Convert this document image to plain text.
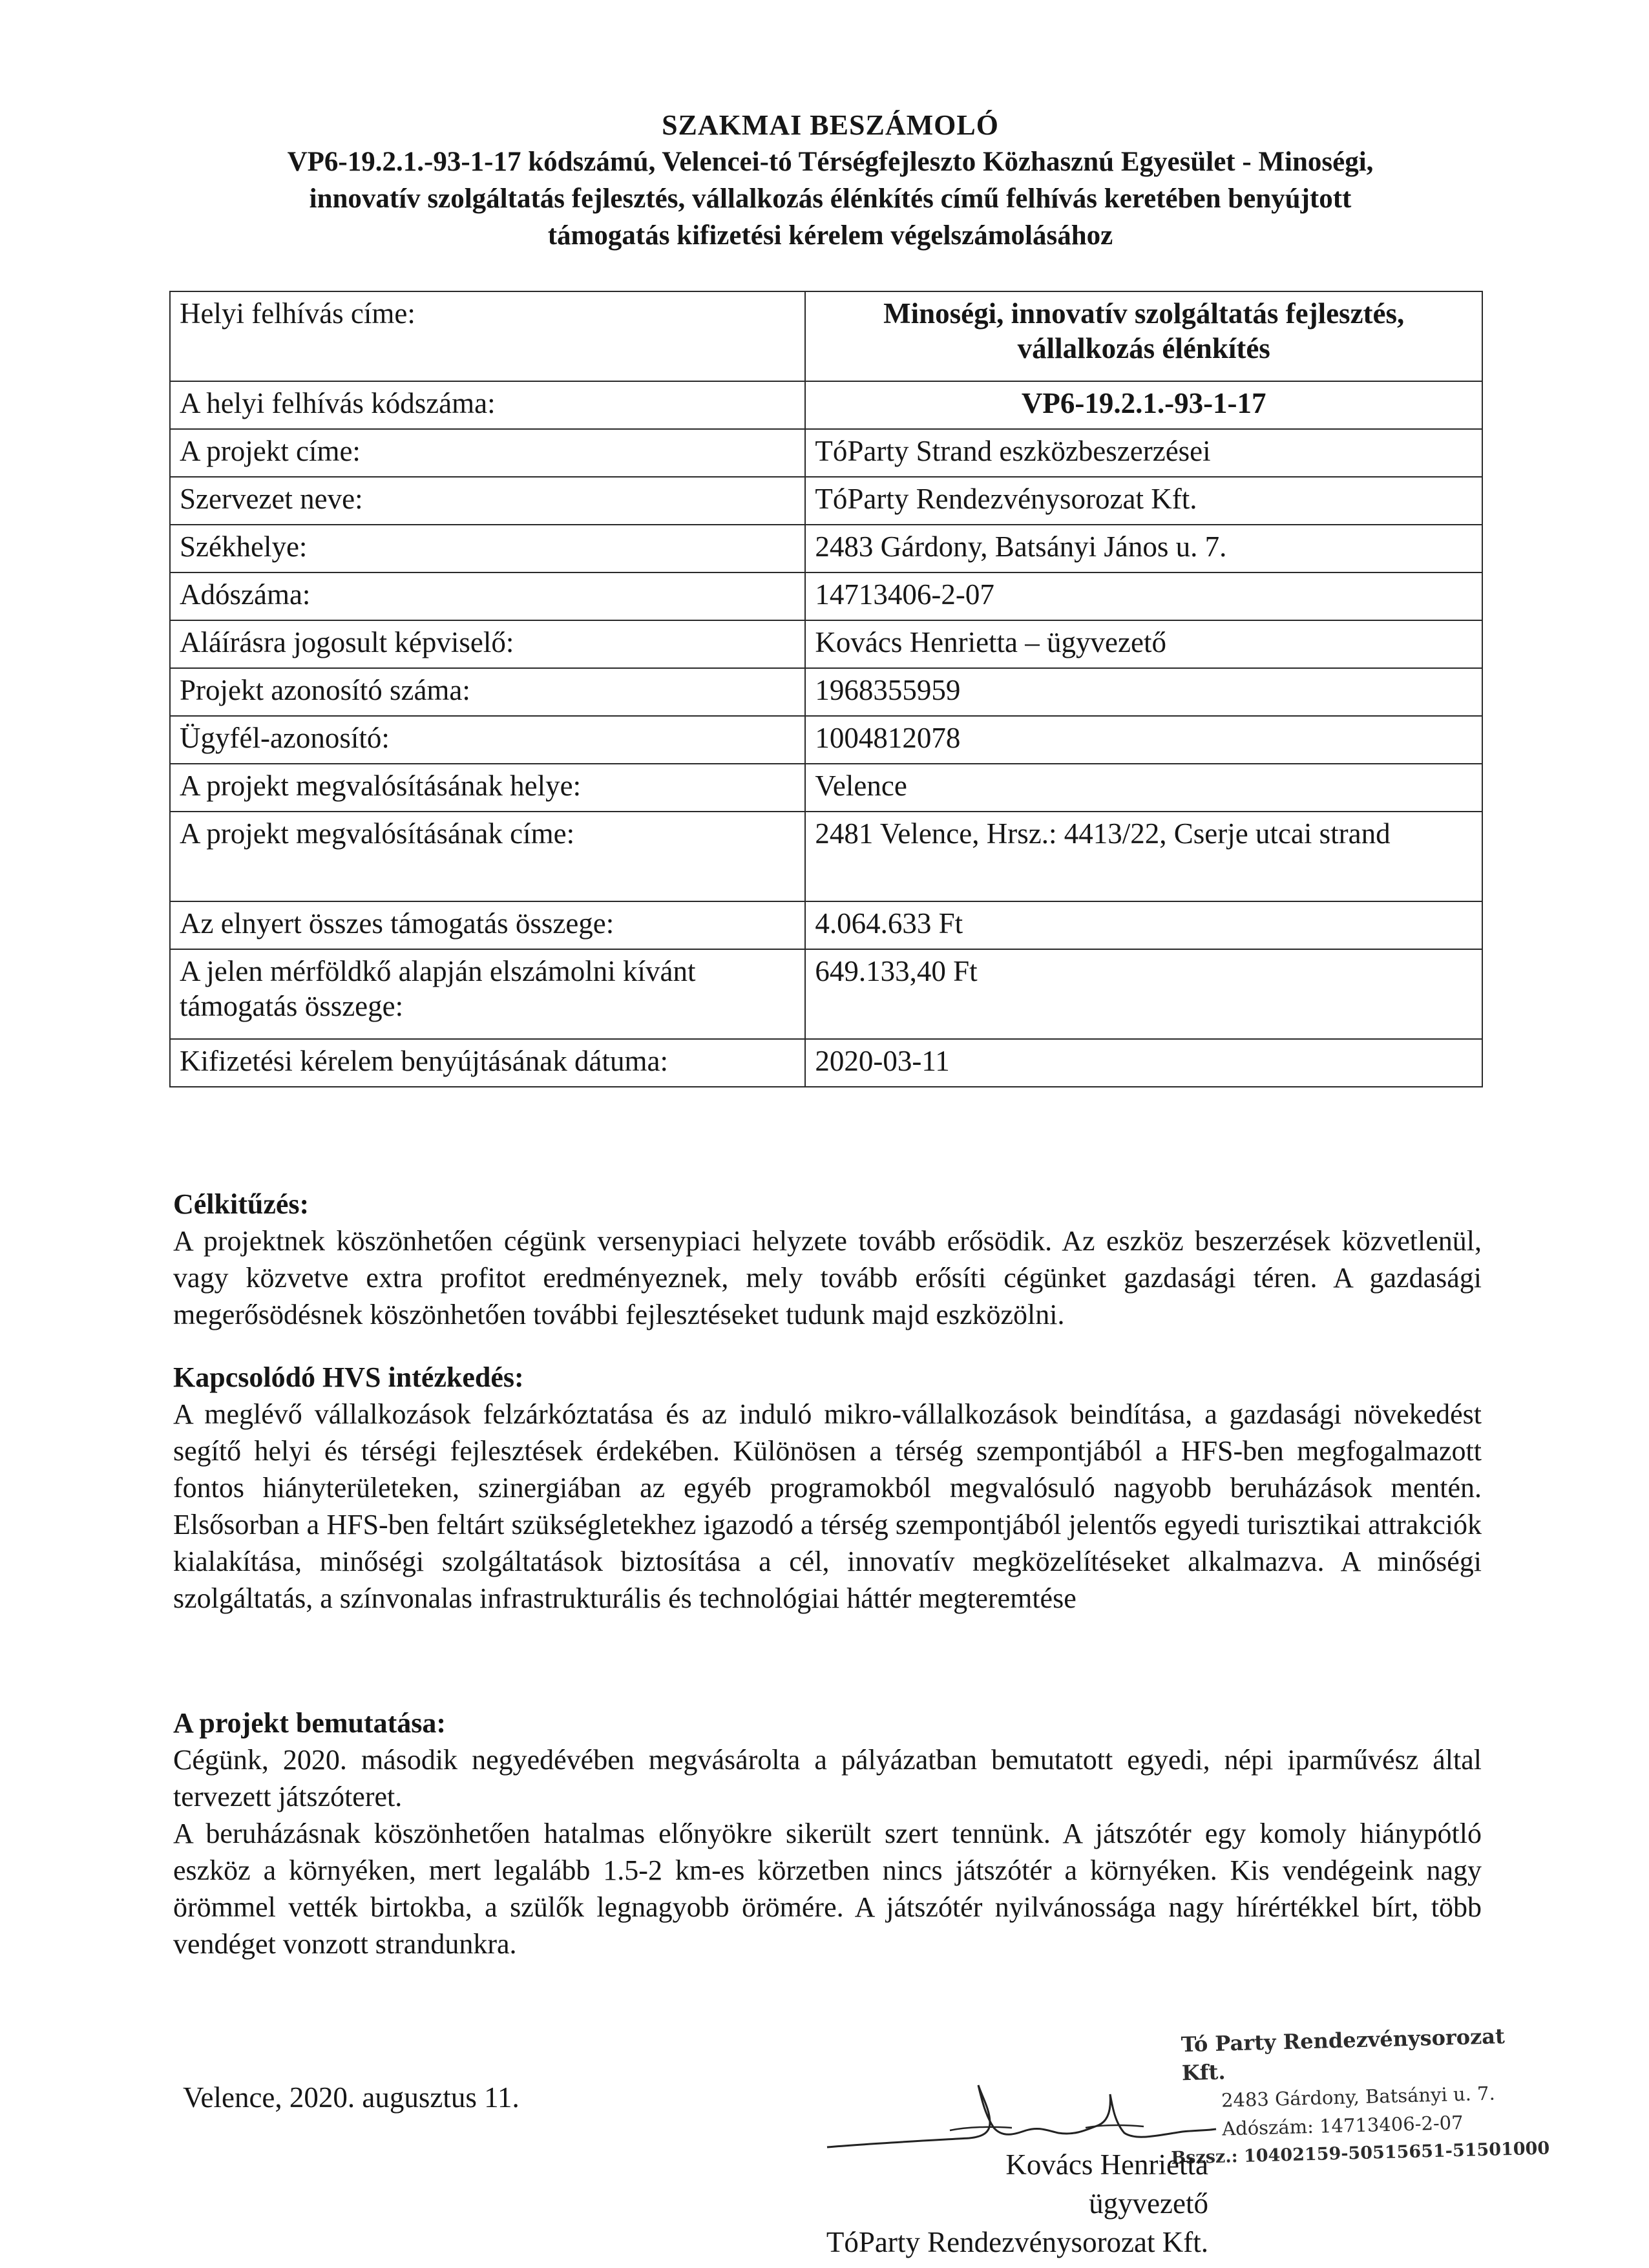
SZAKMAI BESZÁMOLÓ
VP6-19.2.1.-93-1-17 kódszámú, Velencei-tó Térségfejleszto Közhasznú Egyesület - Minoségi,
innovatív szolgáltatás fejlesztés, vállalkozás élénkítés című felhívás keretében benyújtott
támogatás kifizetési kérelem végelszámolásához
Helyi felhívás címe:	Minoségi, innovatív szolgáltatás fejlesztés, vállalkozás élénkítés
A helyi felhívás kódszáma:	VP6-19.2.1.-93-1-17
A projekt címe:	TóParty Strand eszközbeszerzései
Szervezet neve:	TóParty Rendezvénysorozat Kft.
Székhelye:	2483 Gárdony, Batsányi János u. 7.
Adószáma:	14713406-2-07
Aláírásra jogosult képviselő:	Kovács Henrietta – ügyvezető
Projekt azonosító száma:	1968355959
Ügyfél-azonosító:	1004812078
A projekt megvalósításának helye:	Velence
A projekt megvalósításának címe:	2481 Velence, Hrsz.: 4413/22, Cserje utcai strand
Az elnyert összes támogatás összege:	4.064.633 Ft
A jelen mérföldkő alapján elszámolni kívánt támogatás összege:	649.133,40 Ft
Kifizetési kérelem benyújtásának dátuma:	2020-03-11
Célkitűzés:

A projektnek köszönhetően cégünk versenypiaci helyzete tovább erősödik. Az eszköz beszerzések közvetlenül, vagy közvetve extra profitot eredményeznek, mely tovább erősíti cégünket gazdasági téren. A gazdasági megerősödésnek köszönhetően további fejlesztéseket tudunk majd eszközölni.

Kapcsolódó HVS intézkedés:

A meglévő vállalkozások felzárkóztatása és az induló mikro-vállalkozások beindítása, a gazdasági növekedést segítő helyi és térségi fejlesztések érdekében. Különösen a térség szempontjából a HFS-ben megfogalmazott fontos hiányterületeken, szinergiában az egyéb programokból megvalósuló nagyobb beruházások mentén. Elsősorban a HFS-ben feltárt szükségletekhez igazodó a térség szempontjából jelentős egyedi turisztikai attrakciók kialakítása, minőségi szolgáltatások biztosítása a cél, innovatív megközelítéseket alkalmazva. A minőségi szolgáltatás, a színvonalas infrastrukturális és technológiai háttér megteremtése

A projekt bemutatása:

Cégünk, 2020. második negyedévében megvásárolta a pályázatban bemutatott egyedi, népi iparművész által tervezett játszóteret.

A beruházásnak köszönhetően hatalmas előnyökre sikerült szert tennünk. A játszótér egy komoly hiánypótló eszköz a környéken, mert legalább 1.5-2 km-es körzetben nincs játszótér a környéken. Kis vendégeink nagy örömmel vették birtokba, a szülők legnagyobb örömére. A játszótér nyilvánossága nagy hírértékkel bírt, több vendéget vonzott strandunkra.

Velence, 2020. augusztus 11.
Tó Party Rendezvénysorozat Kft.
2483 Gárdony, Batsányi u. 7.
Adószám: 14713406-2-07
Bszsz.: 10402159-50515651-51501000
Kovács Henrietta
ügyvezető
TóParty Rendezvénysorozat Kft.
